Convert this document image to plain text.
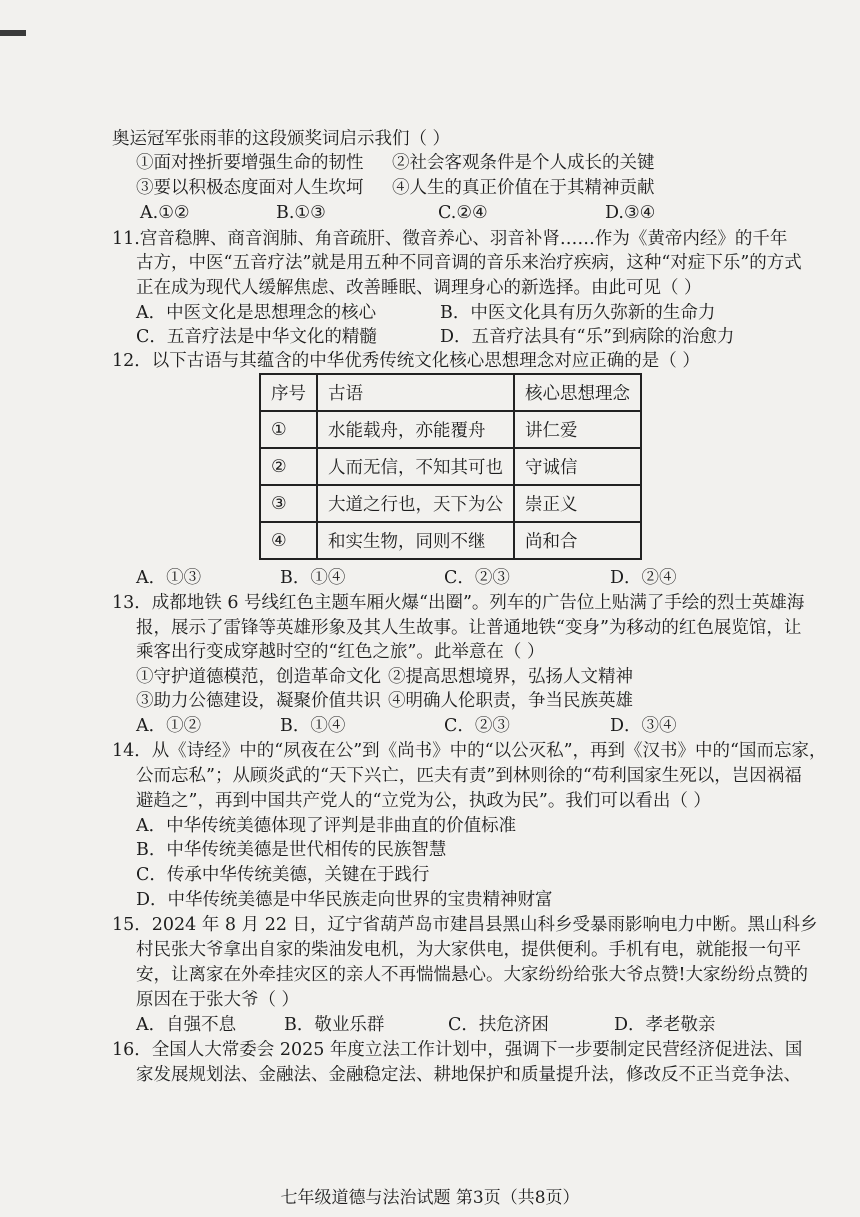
奥运冠军张雨菲的这段颁奖词启示我们（ ）
①面对挫折要增强生命的韧性 ②社会客观条件是个人成长的关键
③要以积极态度面对人生坎坷 ④人生的真正价值在于其精神贡献
A.①②	B.①③	C.②④	D.③④
11.宫音稳脾、商音润肺、角音疏肝、徵音养心、羽音补肾……作为《黄帝内经》的千年
古方，中医“五音疗法”就是用五种不同音调的音乐来治疗疾病，这种“对症下乐”的方式
正在成为现代人缓解焦虑、改善睡眠、调理身心的新选择。由此可见（ ）
A．中医文化是思想理念的核心	B．中医文化具有历久弥新的生命力
C．五音疗法是中华文化的精髓	D．五音疗法具有“乐”到病除的治愈力
12．以下古语与其蕴含的中华优秀传统文化核心思想理念对应正确的是（ ）
序号	古语	核心思想理念
①	水能载舟，亦能覆舟	讲仁爱
②	人而无信，不知其可也	守诚信
③	大道之行也，天下为公	崇正义
④	和实生物，同则不继	尚和合
A．①③	B．①④	C．②③	D．②④
13．成都地铁 6 号线红色主题车厢火爆“出圈”。列车的广告位上贴满了手绘的烈士英雄海
报，展示了雷锋等英雄形象及其人生故事。让普通地铁“变身”为移动的红色展览馆，让
乘客出行变成穿越时空的“红色之旅”。此举意在（ ）
①守护道德模范，创造革命文化 ②提高思想境界，弘扬人文精神
③助力公德建设，凝聚价值共识 ④明确人伦职责，争当民族英雄
A．①②	B．①④	C．②③	D．③④
14．从《诗经》中的“夙夜在公”到《尚书》中的“以公灭私”，再到《汉书》中的“国而忘家，
公而忘私”；从顾炎武的“天下兴亡，匹夫有责”到林则徐的“苟利国家生死以，岂因祸福
避趋之”，再到中国共产党人的“立党为公，执政为民”。我们可以看出（ ）
A．中华传统美德体现了评判是非曲直的价值标准
B．中华传统美德是世代相传的民族智慧
C．传承中华传统美德，关键在于践行
D．中华传统美德是中华民族走向世界的宝贵精神财富
15．2024 年 8 月 22 日，辽宁省葫芦岛市建昌县黑山科乡受暴雨影响电力中断。黑山科乡
村民张大爷拿出自家的柴油发电机，为大家供电，提供便利。手机有电，就能报一句平
安，让离家在外牵挂灾区的亲人不再惴惴悬心。大家纷纷给张大爷点赞!大家纷纷点赞的
原因在于张大爷（ ）
A．自强不息	B．敬业乐群	C．扶危济困	D．孝老敬亲
16．全国人大常委会 2025 年度立法工作计划中，强调下一步要制定民营经济促进法、国
家发展规划法、金融法、金融稳定法、耕地保护和质量提升法，修改反不正当竞争法、
七年级道德与法治试题 第3页（共8页）
